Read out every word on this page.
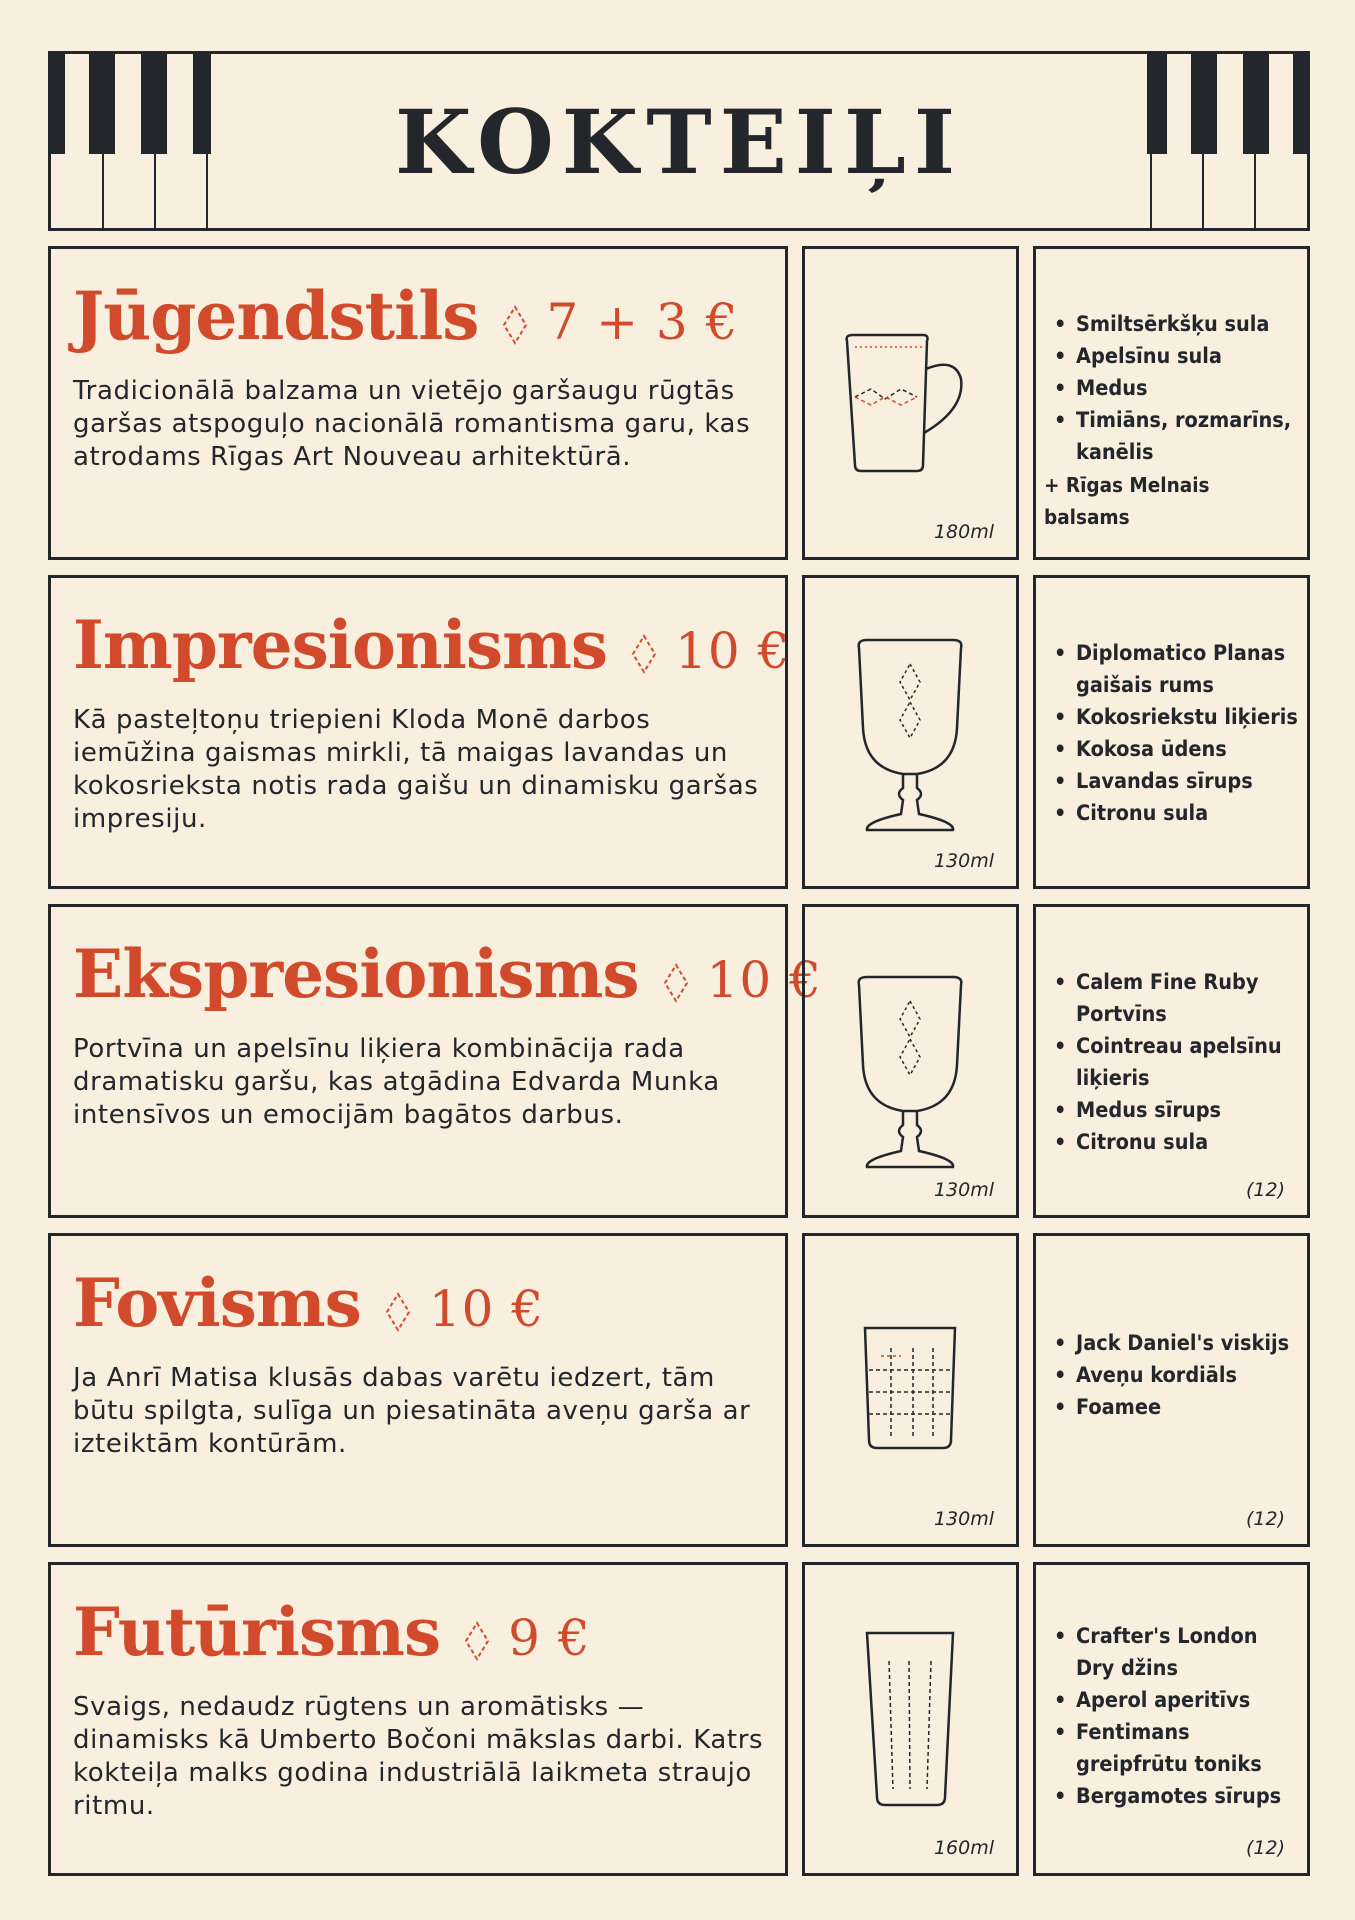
KOKTEIĻI
Jūgendstils 7 + 3 €
Tradicionālā balzama un vietējo garšaugu rūgtās garšas atspoguļo nacionālā romantisma garu, kas atrodams Rīgas Art Nouveau arhitektūrā.
180ml
• Smiltsērkšķu sula
• Apelsīnu sula
• Medus
• Timiāns, rozmarīns, kanēlis
+ Rīgas Melnais balsams
Impresionisms 10 €
Kā pasteļtoņu triepieni Kloda Monē darbos iemūžina gaismas mirkli, tā maigas lavandas un kokosriekstа notis rada gaišu un dinamisku garšas impresiju.
130ml
• Diplomatico Planas gaišais rums
• Kokosriekstu liķieris
• Kokosa ūdens
• Lavandas sīrups
• Citronu sula
Ekspresionisms 10 €
Portvīna un apelsīnu liķiera kombinācija rada dramatisku garšu, kas atgādina Edvarda Munka intensīvos un emocijām bagātos darbus.
130ml
• Calem Fine Ruby Portvīns
• Cointreau apelsīnu liķieris
• Medus sīrups
• Citronu sula
(12)
Fovisms 10 €
Ja Anrī Matisa klusās dabas varētu iedzert, tām būtu spilgta, sulīga un piesatināta aveņu garša ar izteiktām kontūrām.
130ml
• Jack Daniel's viskijs
• Aveņu kordiāls
• Foamee
(12)
Futūrisms 9 €
Svaigs, nedaudz rūgtens un aromātisks — dinamisks kā Umberto Bočoni mākslas darbi. Katrs kokteiļa malks godina industriālā laikmeta straujo ritmu.
160ml
• Crafter's London Dry džins
• Aperol aperitīvs
• Fentimans greipfrūtu toniks
• Bergamotes sīrups
(12)
